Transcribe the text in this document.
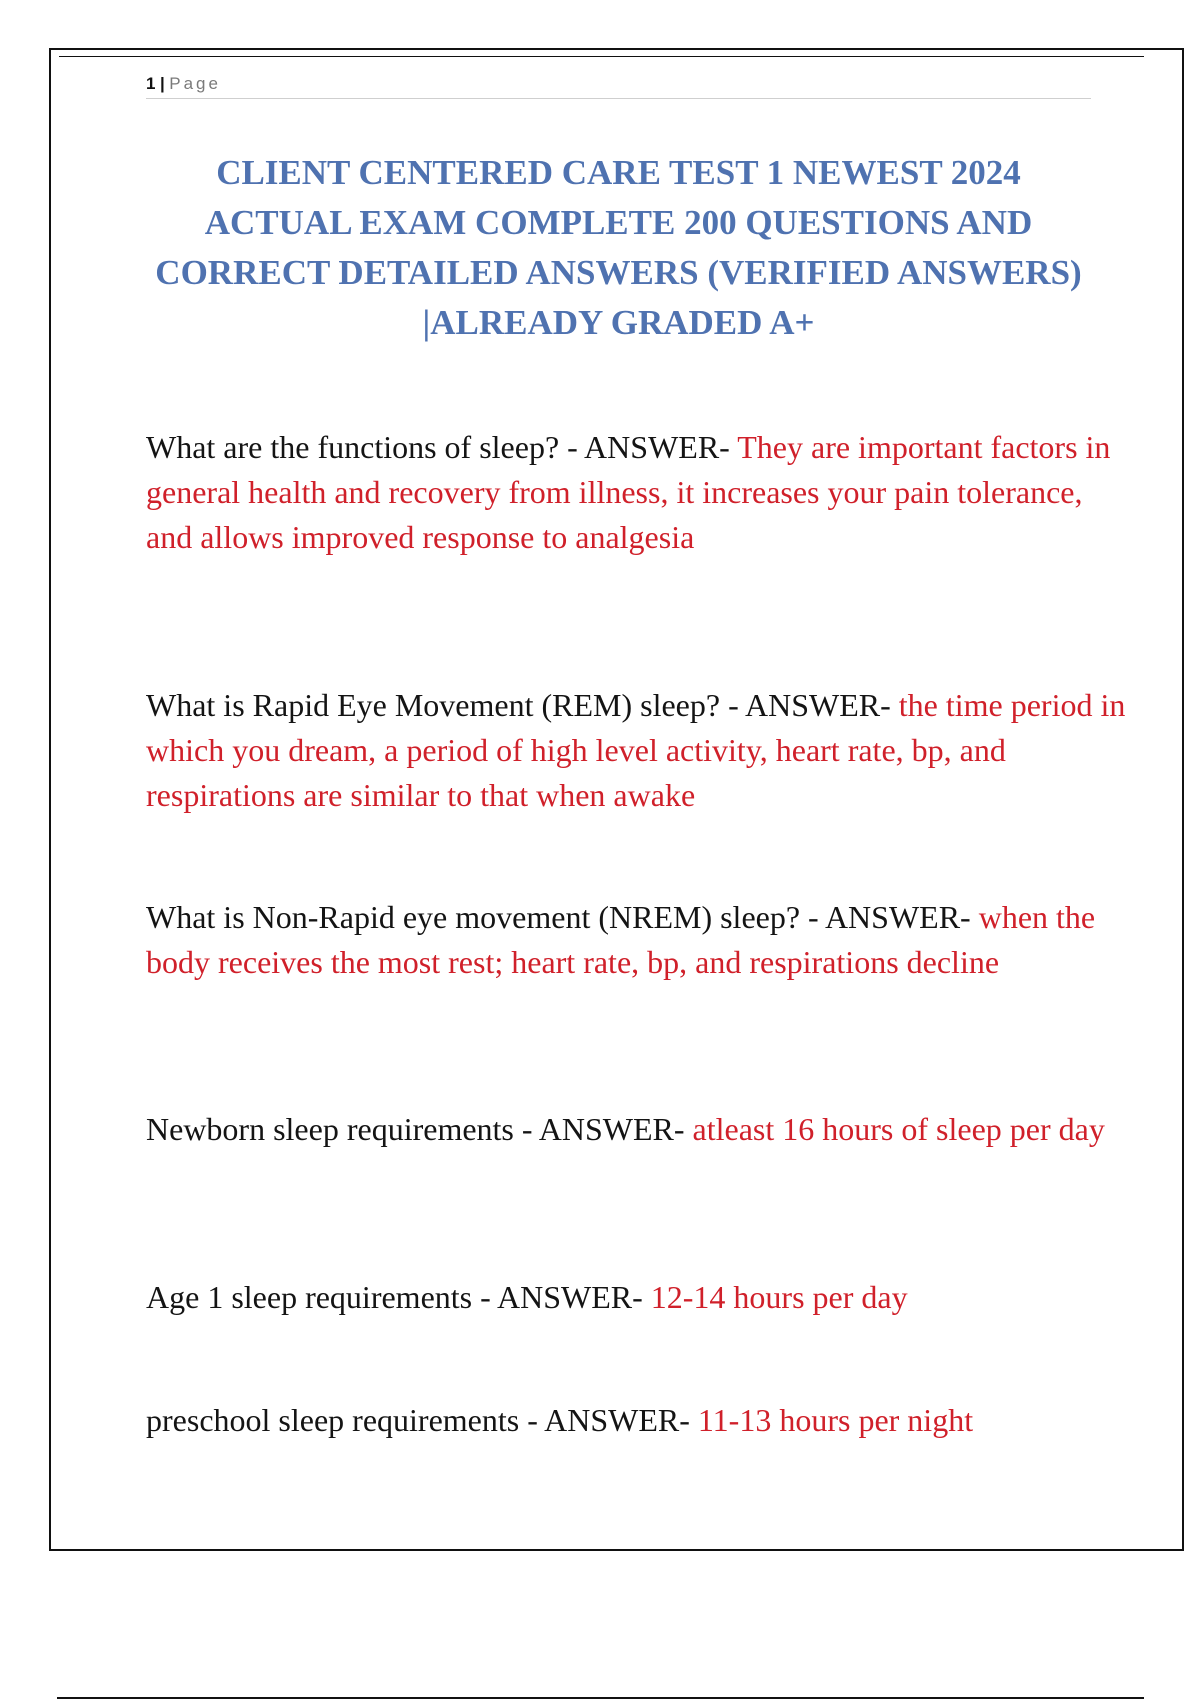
1 | Page
CLIENT CENTERED CARE TEST 1 NEWEST 2024 ACTUAL EXAM COMPLETE 200 QUESTIONS AND CORRECT DETAILED ANSWERS (VERIFIED ANSWERS) |ALREADY GRADED A+
What are the functions of sleep? - ANSWER- They are important factors in general health and recovery from illness, it increases your pain tolerance, and allows improved response to analgesia
What is Rapid Eye Movement (REM) sleep? - ANSWER- the time period in which you dream, a period of high level activity, heart rate, bp, and respirations are similar to that when awake
What is Non-Rapid eye movement (NREM) sleep? - ANSWER- when the body receives the most rest; heart rate, bp, and respirations decline
Newborn sleep requirements - ANSWER- atleast 16 hours of sleep per day
Age 1 sleep requirements - ANSWER- 12-14 hours per day
preschool sleep requirements - ANSWER- 11-13 hours per night
